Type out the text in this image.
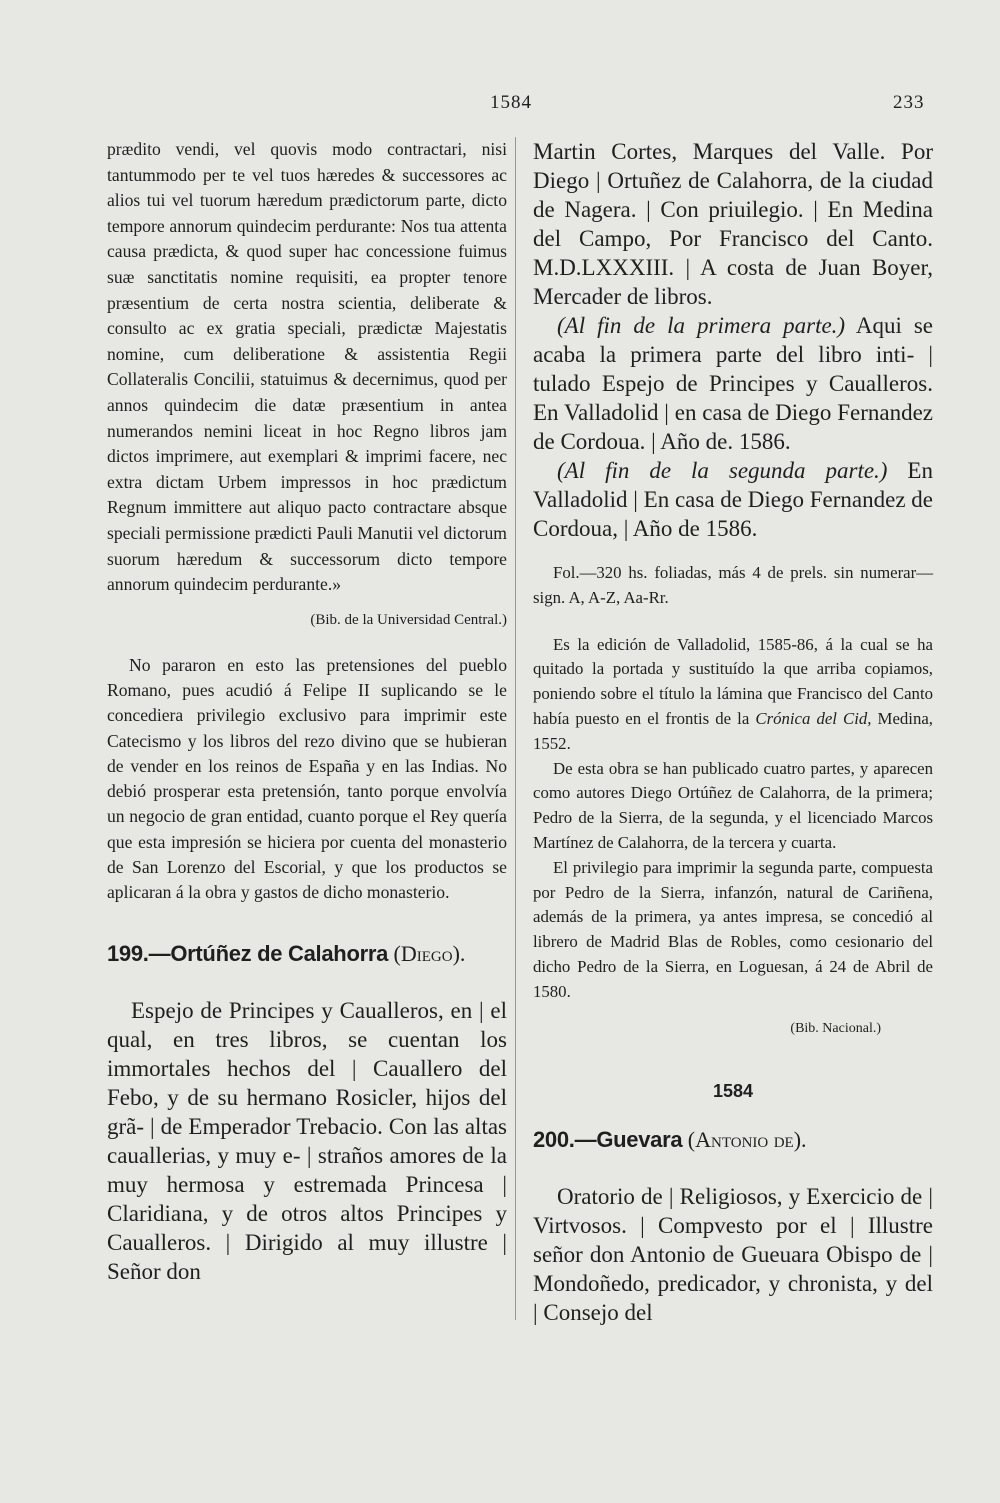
1584	233

prædito vendi, vel quovis modo contractari, nisi tantummodo per te vel tuos hæredes & successores ac alios tui vel tuorum hæredum prædictorum parte, dicto tempore annorum quindecim perdurante: Nos tua attenta causa prædicta, & quod super hac concessione fuimus suæ sanctitatis nomine requisiti, ea propter tenore præsentium de certa nostra scientia, deliberate & consulto ac ex gratia speciali, prædictæ Majestatis nomine, cum deliberatione & assistentia Regii Collateralis Concilii, statuimus & decernimus, quod per annos quindecim die datæ præsentium in antea numerandos nemini liceat in hoc Regno libros jam dictos imprimere, aut exemplari & imprimi facere, nec extra dictam Urbem impressos in hoc prædictum Regnum immittere aut aliquo pacto contractare absque speciali permissione prædicti Pauli Manutii vel dictorum suorum hæredum & successorum dicto tempore annorum quindecim perdurante.»

(Bib. de la Universidad Central.)

No pararon en esto las pretensiones del pueblo Romano, pues acudió á Felipe II suplicando se le concediera privilegio exclusivo para imprimir este Catecismo y los libros del rezo divino que se hubieran de vender en los reinos de España y en las Indias. No debió prosperar esta pretensión, tanto porque envolvía un negocio de gran entidad, cuanto porque el Rey quería que esta impresión se hiciera por cuenta del monasterio de San Lorenzo del Escorial, y que los productos se aplicaran á la obra y gastos de dicho monasterio.

199.—Ortúñez de Calahorra (Diego).

Espejo de Principes y Caualleros, en | el qual, en tres libros, se cuentan los immortales hechos del | Cauallero del Febo, y de su hermano Rosicler, hijos del grã- | de Emperador Trebacio. Con las altas cauallerias, y muy e- | straños amores de la muy hermosa y estremada Princesa | Claridiana, y de otros altos Principes y Caualleros. | Dirigido al muy illustre | Señor don

Martin Cortes, Marques del Valle. Por Diego | Ortuñez de Calahorra, de la ciudad de Nagera. | Con priuilegio. | En Medina del Campo, Por Francisco del Canto. M.D.LXXXIII. | A costa de Juan Boyer, Mercader de libros.

(Al fin de la primera parte.) Aqui se acaba la primera parte del libro inti- | tulado Espejo de Principes y Caualleros. En Valladolid | en casa de Diego Fernandez de Cordoua. | Año de. 1586.

(Al fin de la segunda parte.) En Valladolid | En casa de Diego Fernandez de Cordoua, | Año de 1586.

Fol.—320 hs. foliadas, más 4 de prels. sin numerar—sign. A, A-Z, Aa-Rr.

Es la edición de Valladolid, 1585-86, á la cual se ha quitado la portada y sustituído la que arriba copiamos, poniendo sobre el título la lámina que Francisco del Canto había puesto en el frontis de la Crónica del Cid, Medina, 1552.

De esta obra se han publicado cuatro partes, y aparecen como autores Diego Ortúñez de Calahorra, de la primera; Pedro de la Sierra, de la segunda, y el licenciado Marcos Martínez de Calahorra, de la tercera y cuarta.

El privilegio para imprimir la segunda parte, compuesta por Pedro de la Sierra, infanzón, natural de Cariñena, además de la primera, ya antes impresa, se concedió al librero de Madrid Blas de Robles, como cesionario del dicho Pedro de la Sierra, en Loguesan, á 24 de Abril de 1580.

(Bib. Nacional.)

1584

200.—Guevara (Antonio de).

Oratorio de | Religiosos, y Exercicio de | Virtvosos. | Compvesto por el | Illustre señor don Antonio de Gueuara Obispo de | Mondoñedo, predicador, y chronista, y del | Consejo del
